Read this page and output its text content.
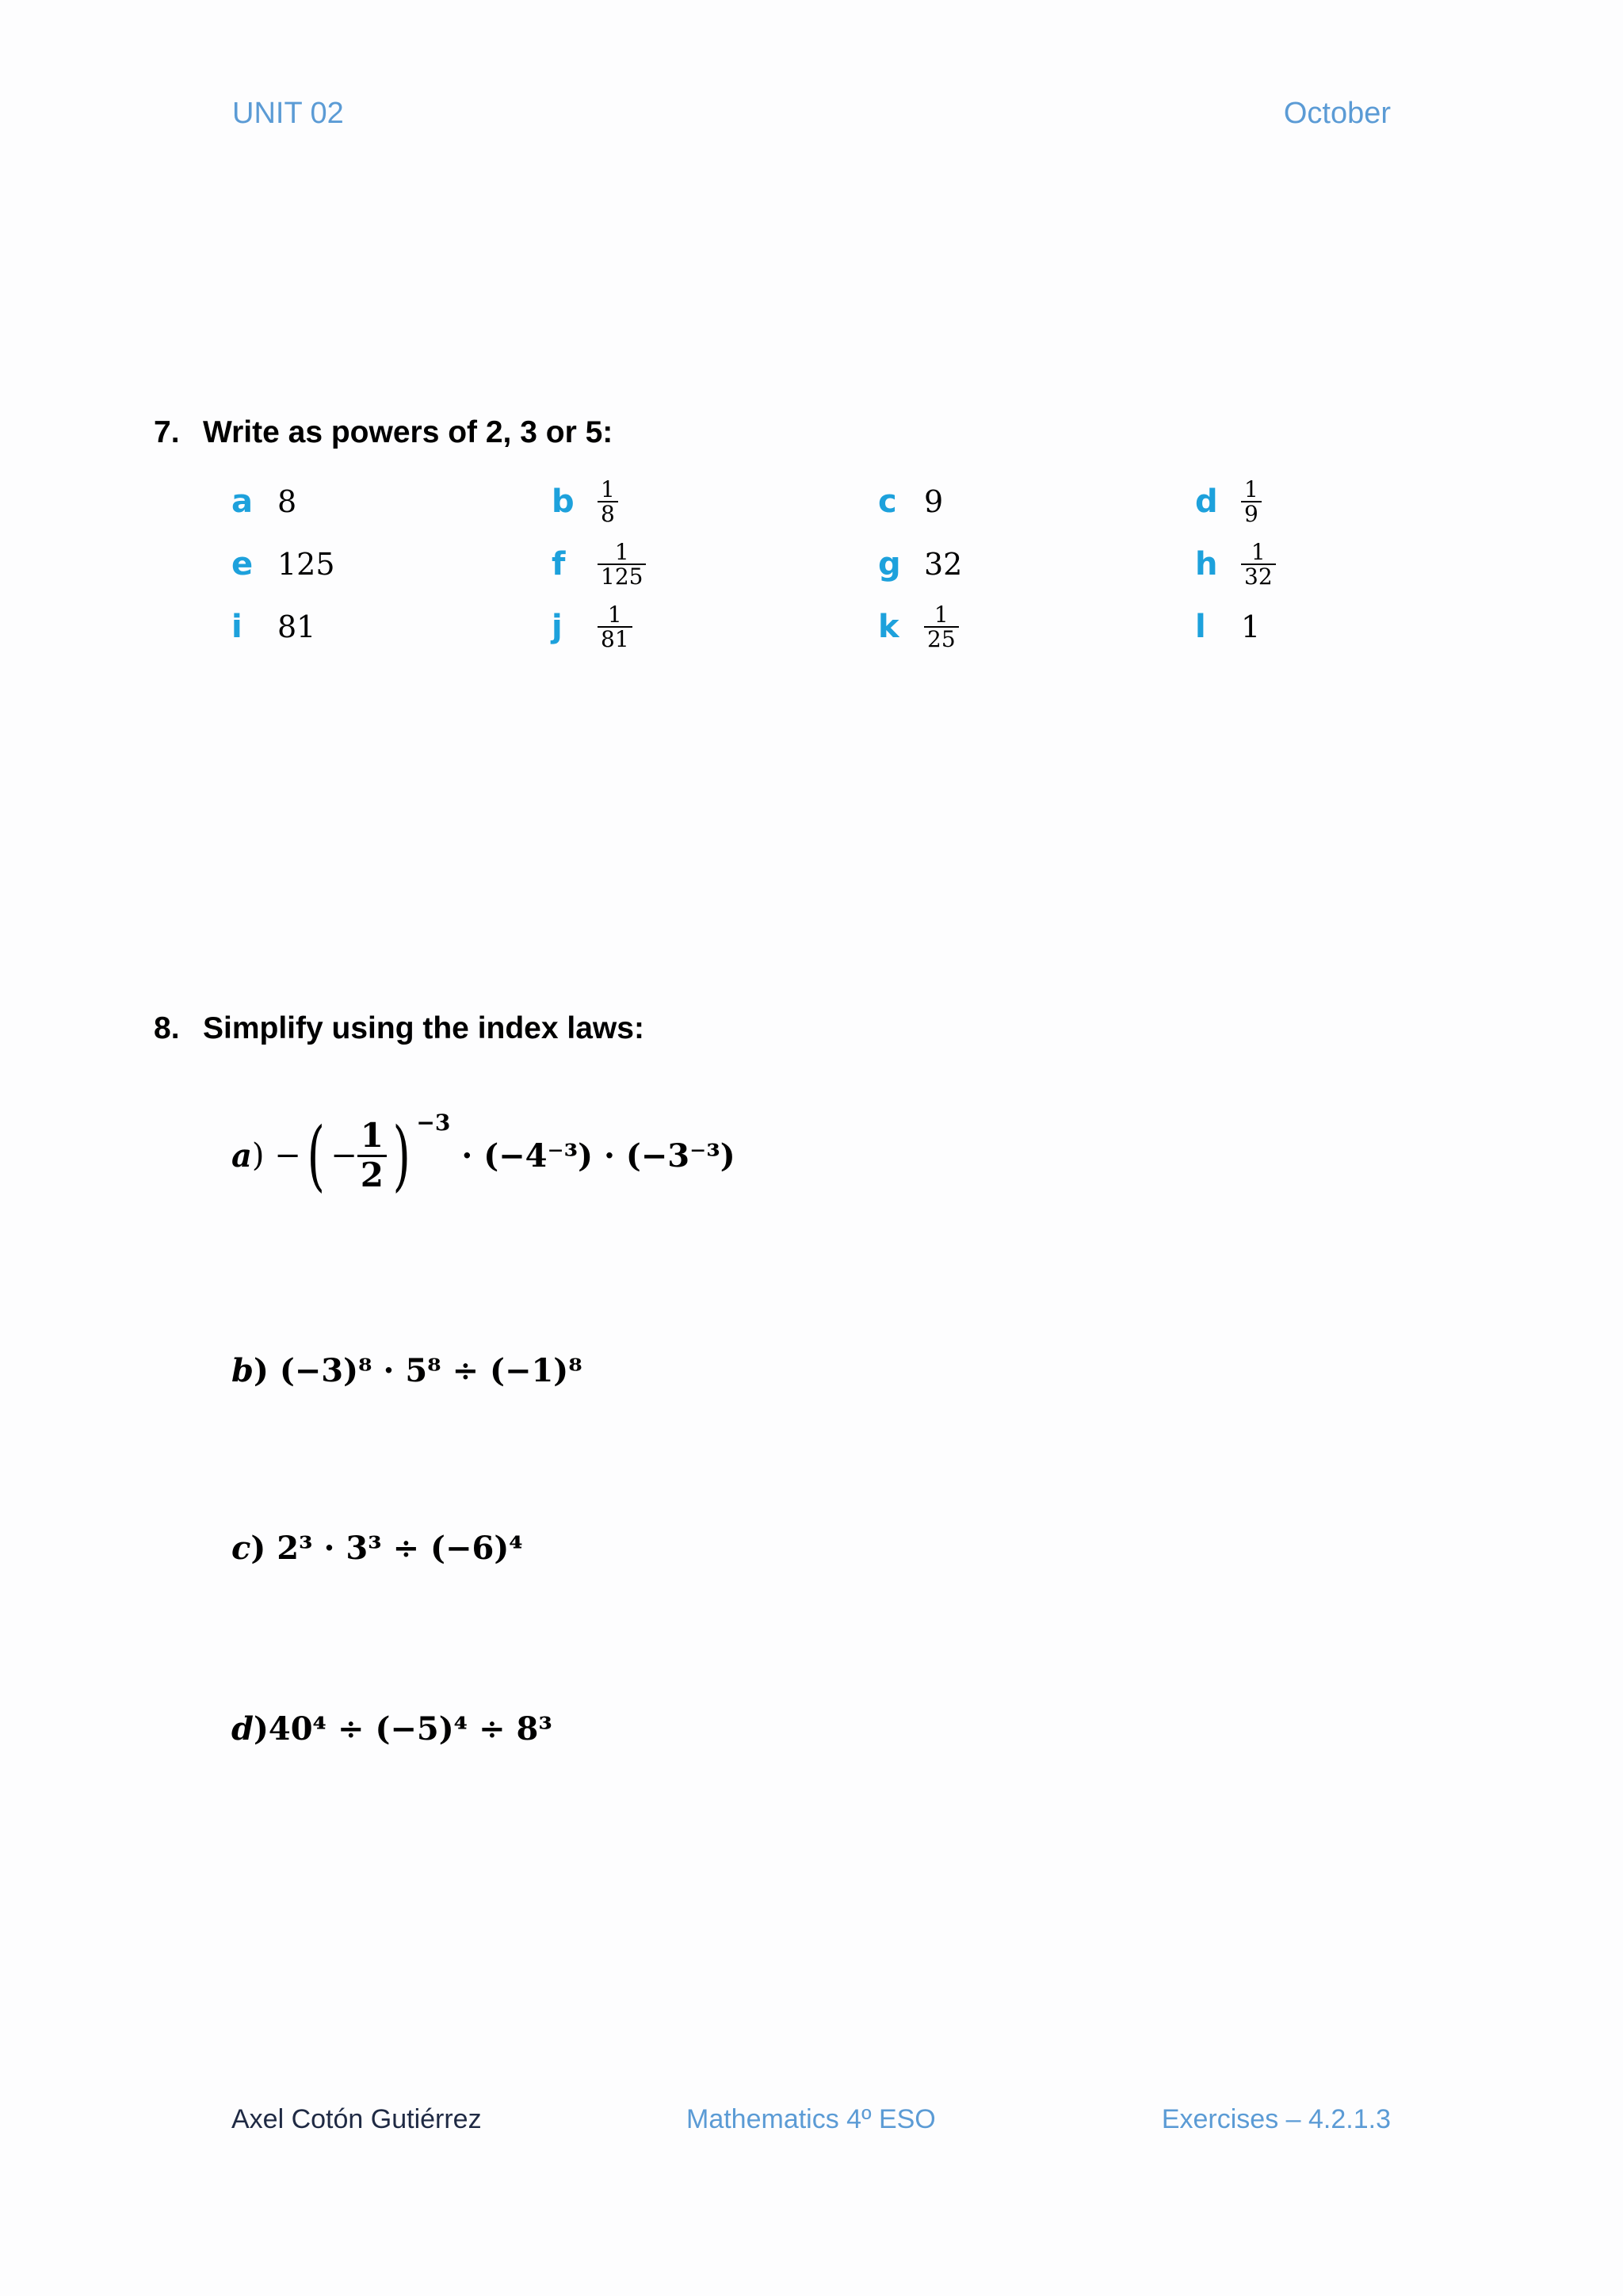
UNIT 02	October
7. Write as powers of 2, 3 or 5:
a 8	b	$\frac{1}{8}$	c 9	d	$\frac{1}{9}$
e 125	f	$\frac{1}{125}$	g 32	h	$\frac{1}{32}$
i	81	j	$\frac{1}{81}$	k	$\frac{1}{25}$	l	1
8. Simplify using the index laws:
a ) − ( − $\frac{1}{2}$ ) −3
· (−4⁻³) · (−3⁻³)
b ) (−3)⁸ · 5⁸ ÷ (−1)⁸
c ) 2³ · 3³ ÷ (−6)⁴
d )40⁴ ÷ (−5)⁴ ÷ 8³
Axel Cotón Gutiérrez	Mathematics 4º ESO	Exercises – 4.2.1.3
